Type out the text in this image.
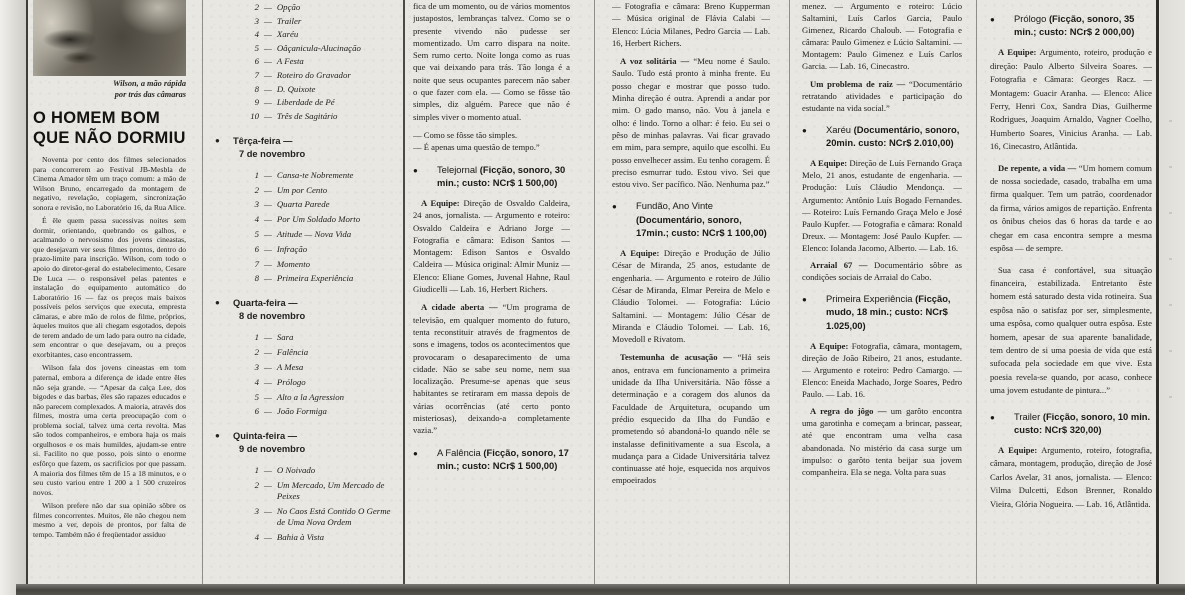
Wilson, a mão rápida
por trás das câmaras
O HOMEM BOM
QUE NÃO DORMIU

Noventa por cento dos filmes selecionados para concorrerem ao Festival JB-Mesbla de Cinema Amador têm um traço comum: a mão de Wilson Bruno, encarregado da montagem de negativo, revelação, copiagem, sincronização sonora e revisão, no Laboratório 16, da Rua Alice.

É êle quem passa sucessivas noites sem dormir, orientando, quebrando os galhos, e acalmando o nervosismo dos jovens cineastas, que desejavam ver seus filmes prontos, dentro do prazo-limite para inscrição. Wilson, com todo o apoio do diretor-geral do estabelecimento, Cesare De Luca — o responsável pelas patentes e instalação do equipamento automático do Laboratório 16 — faz os preços mais baixos possíveis pelos serviços que executa, empresta câmaras, e abre mão de rolos de filme, próprios, àqueles muitos que ali chegam esgotados, depois de terem andado de um lado para outro na cidade, sem encontrar o que desejavam, ou a preços exorbitantes, caso encontrassem.

Wilson fala dos jovens cineastas em tom paternal, embora a diferença de idade entre êles não seja grande. — “Apesar da calça Lee, dos bigodes e das barbas, êles são rapazes educados e não parecem complexados. A maioria, através dos filmes, mostra uma certa preocupação com o problema social, talvez uma certa revolta. Mas são todos companheiros, e embora haja os mais orgulhosos e os mais humildes, ajudam-se entre si. Facilito no que posso, pois sinto o enorme esfôrço que fazem, os sacrifícios por que passam. A maioria dos filmes têm de 15 a 18 minutos, e o seu custo variou entre 1 200 a 1 500 cruzeiros novos.

Wilson prefere não dar sua opinião sôbre os filmes concorrentes. Muitos, êle não chegou nem mesmo a ver, depois de prontos, por falta de tempo. Também não é freqüentador assíduo

2 — Opção
3 — Trailer
4 — Xaréu
5 — Oâçanicula-Alucinação
6 — A Festa
7 — Roteiro do Gravador
8 — D. Quixote
9 — Liberdade de Pé
10 — Três de Sagitário
● Têrça-feira —
7 de novembro
1 — Cansa-te Nobremente
2 — Um por Cento
3 — Quarta Parede
4 — Por Um Soldado Morto
5 — Atitude — Nova Vida
6 — Infração
7 — Momento
8 — Primeira Experiência
● Quarta-feira —
8 de novembro
1 — Sara
2 — Falência
3 — A Mesa
4 — Prólogo
5 — Alto a la Agression
6 — João Formiga
● Quinta-feira —
9 de novembro
1 — O Noivado
2 — Um Mercado, Um Mercado de Peixes
3 — No Caos Está Contido O Germe de Uma Nova Ordem
4 — Bahia à Vista

fica de um momento, ou de vários momentos justapostos, lembranças talvez. Como se o presente vivendo não pudesse ser momentizado. Um carro dispara na noite. Sem rumo certo. Noite longa como as ruas que vai deixando para trás. Tão longa é a noite que seus ocupantes parecem não saber o que fazer com ela. — Como se fôsse tão simples, diz alguém. Parece que não é simples viver o momento atual.

— Como se fôsse tão simples.

— É apenas uma questão de tempo.”

●	Telejornal (Ficção, sonoro, 30 min.; custo: NCr$ 1 500,00)

A Equipe: Direção de Osvaldo Caldeira, 24 anos, jornalista. — Argumento e roteiro: Osvaldo Caldeira e Adriano Jorge — Fotografia e câmara: Edison Santos — Montagem: Edison Santos e Osvaldo Caldeira — Música original: Almir Muniz — Elenco: Eliane Gomes, Juvenal Hahne, Raul Giudicelli — Lab. 16, Herbert Richers.

A cidade aberta — “Um programa de televisão, em qualquer momento do futuro, tenta reconstituir através de fragmentos de sons e imagens, todos os acontecimentos que provocaram o desaparecimento de uma cidade. Não se sabe seu nome, nem sua localização. Presume-se apenas que seus habitantes se retiraram em massa depois de várias ocorrências (até certo ponto misteriosas), deixando-a completamente vazia.”

●	A Falência (Ficção, sonoro, 17 min.; custo: NCr$ 1 500,00)

— Fotografia e câmara: Breno Kupperman — Música original de Flávia Calabi — Elenco: Lúcia Milanes, Pedro Garcia — Lab. 16, Herbert Richers.

A voz solitária — “Meu nome é Saulo. Saulo. Tudo está pronto à minha frente. Eu posso chegar e mostrar que posso tudo. Minha direção é outra. Aprendi a andar por mim. O gado manso, não. Vou à janela e olho: é lindo. Torno a olhar: é feio. Eu sei o pêso de minhas palavras. Vai ficar gravado em mim, para sempre, aquilo que escolhi. Eu posso envelhecer assim. Eu tenho coragem. É preciso esmurrar tudo. Estou vivo. Sei que estou vivo. Ser pacífico. Não. Nenhuma paz.”

●	Fundão, Ano Vinte (Documentário, sonoro, 17min.; custo: NCr$ 1 100,00)

A Equipe: Direção e Produção de Júlio César de Miranda, 25 anos, estudante de engenharia. — Argumento e roteiro de Júlio César de Miranda, Elmar Pereira de Melo e Cláudio Tolomei. — Fotografia: Lúcio Saltamini. — Montagem: Júlio César de Miranda e Cláudio Tolomei. — Lab. 16, Movedoll e Rivatom.

Testemunha de acusação — “Há seis anos, entrava em funcionamento a primeira unidade da Ilha Universitária. Não fôsse a determinação e a coragem dos alunos da Faculdade de Arquitetura, ocupando um prédio esquecido da Ilha do Fundão e prometendo só abandoná-lo quando nêle se instalasse definitivamente a sua Escola, a mudança para a Cidade Universitária talvez continuasse até hoje, esquecida nos arquivos empoeirados

menez. — Argumento e roteiro: Lúcio Saltamini, Luís Carlos Garcia, Paulo Gimenez, Ricardo Chaloub. — Fotografia e câmara: Paulo Gimenez e Lúcio Saltamini. — Montagem: Paulo Gimenez e Luís Carlos Garcia. — Lab. 16, Cinecastro.

Um problema de raiz — “Documentário retratando atividades e participação do estudante na vida social.”

●	Xaréu (Documentário, sonoro, 20min. custo: NCr$ 2.010,00)

A Equipe: Direção de Luís Fernando Graça Melo, 21 anos, estudante de engenharia. — Produção: Luís Cláudio Mendonça. — Argumento: Antônio Luís Bogado Fernandes. — Roteiro: Luís Fernando Graça Melo e José Paulo Kupfer. — Fotografia e câmara: Ronald Dreux. — Montagem: José Paulo Kupfer. — Elenco: Iolanda Jacomo, Alberto. — Lab. 16.

Arraial 67 — Documentário sôbre as condições sociais de Arraial do Cabo.

●	Primeira Experiência (Ficção, mudo, 18 min.; custo: NCr$ 1.025,00)

A Equipe: Fotografia, câmara, montagem, direção de João Ribeiro, 21 anos, estudante. — Argumento e roteiro: Pedro Camargo. — Elenco: Eneida Machado, Jorge Soares, Pedro Paulo. — Lab. 16.

A regra do jôgo — um garôto encontra uma garotinha e começam a brincar, passear, até que encontram uma velha casa abandonada. No mistério da casa surge um impulso: o garôto tenta beijar sua jovem companheira. Ela se nega. Volta para suas

●	Prólogo (Ficção, sonoro, 35 min.; custo: NCr$ 2 000,00)

A Equipe: Argumento, roteiro, produção e direção: Paulo Alberto Silveira Soares. — Fotografia e Câmara: Georges Racz. — Montagem: Guacir Aranha. — Elenco: Alice Ferry, Henri Cox, Sandra Dias, Guilherme Rodrigues, Joaquim Arnaldo, Vagner Coelho, Humberto Soares, Vinicius Aranha. — Lab. 16, Cinecastro, Atlântida.

De repente, a vida — “Um homem comum de nossa sociedade, casado, trabalha em uma firma qualquer. Tem um patrão, coordenador da firma, vários amigos de repartição. Enfrenta os ônibus cheios das 6 horas da tarde e ao chegar em casa encontra sempre a mesma espôsa — de sempre.

Sua casa é confortável, sua situação financeira, estabilizada. Entretanto êste homem está saturado desta vida rotineira. Sua espôsa não o satisfaz por ser, simplesmente, uma espôsa, como qualquer outra espôsa. Este homem, apesar de sua aparente banalidade, tem dentro de si uma poesia de vida que está sufocada pela sociedade em que vive. Esta poesia revela-se quando, por acaso, conhece uma jovem estudante de pintura...”

●	Trailer (Ficção, sonoro, 10 min. custo: NCr$ 320,00)

A Equipe: Argumento, roteiro, fotografia, câmara, montagem, produção, direção de José Carlos Avelar, 31 anos, jornalista. — Elenco: Vilma Dulcetti, Edson Brenner, Ronaldo Vieira, Glória Nogueira. — Lab. 16, Atlântida.
